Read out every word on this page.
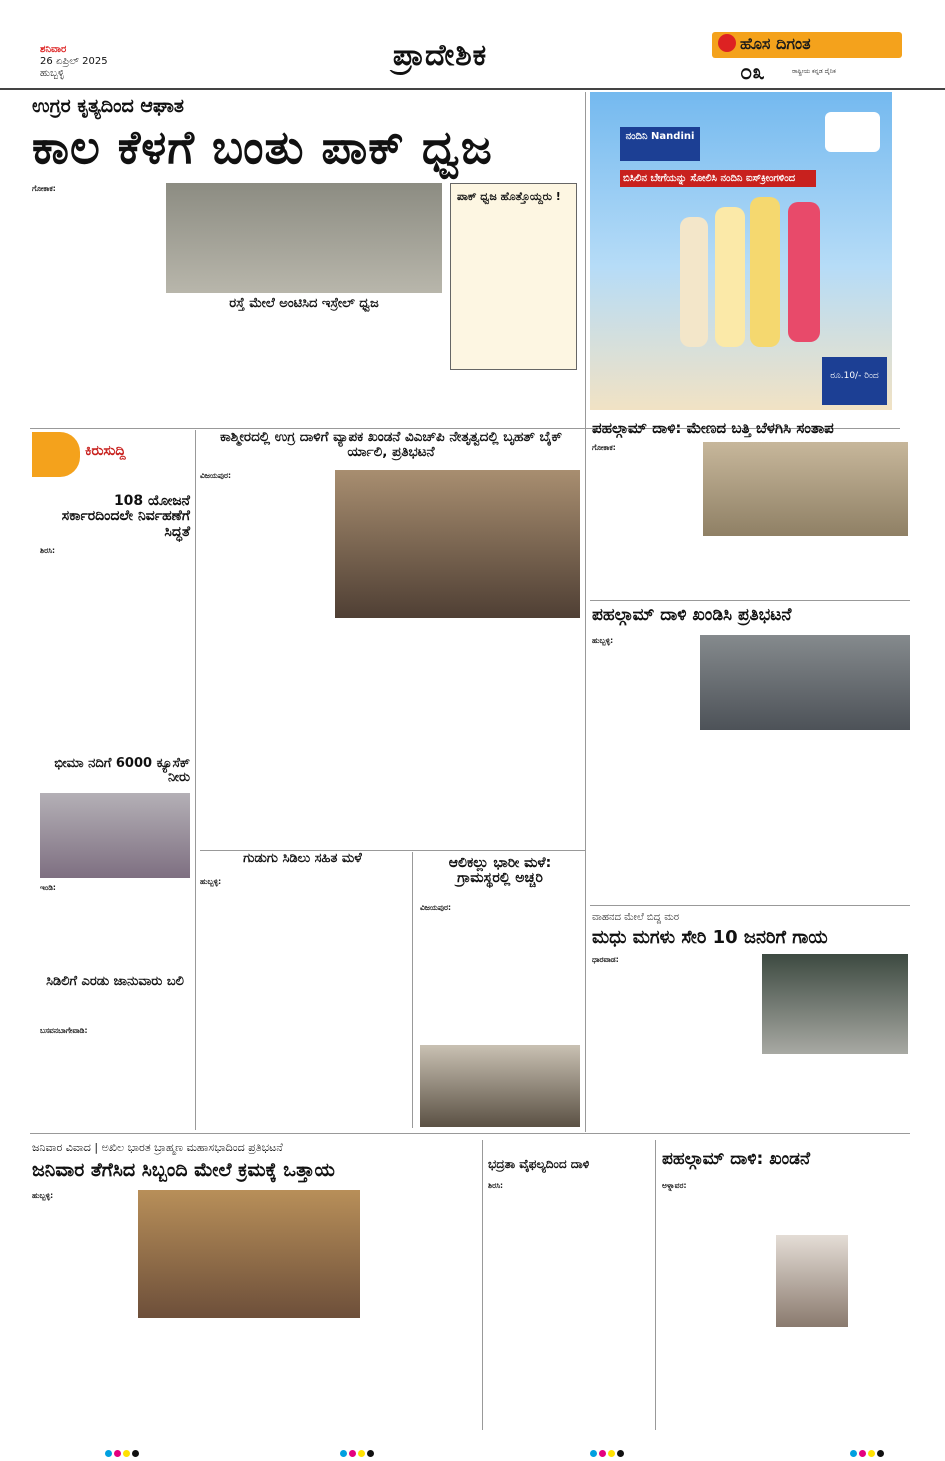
ಶನಿವಾರ
26 ಏಪ್ರಿಲ್ 2025
ಹುಬ್ಬಳ್ಳಿ
ಪ್ರಾದೇಶಿಕ	ಹೊಸ ದಿಗಂತ
೦೩	ರಾಷ್ಟ್ರೀಯ ಕನ್ನಡ ದೈನಿಕ
ಉಗ್ರರ ಕೃತ್ಯದಿಂದ ಆಘಾತ
ಕಾಲ ಕೆಳಗೆ ಬಂತು ಪಾಕ್ ಧ್ವಜ
ಗೋಕಾಕ:
ರಸ್ತೆ ಮೇಲೆ ಅಂಟಿಸಿದ ಇಸ್ರೇಲ್ ಧ್ವಜ
ಪಾಕ್ ಧ್ವಜ ಹೊತ್ತೊಯ್ದರು !
ನಂದಿನಿ Nandini
ಬಿಸಿಲಿನ ಬೇಗೆಯನ್ನು ಸೋಲಿಸಿ ನಂದಿನಿ ಐಸ್‌ಕ್ರೀಂಗಳಿಂದ
ರೂ.10/- ರಿಂದ
ಪಹಲ್ಗಾಮ್ ದಾಳಿ: ಮೇಣದ ಬತ್ತಿ ಬೆಳಗಿಸಿ ಸಂತಾಪ
ಗೋಕಾಕ:
ಪಹಲ್ಗಾಮ್ ದಾಳಿ ಖಂಡಿಸಿ ಪ್ರತಿಭಟನೆ
ಹುಬ್ಬಳ್ಳಿ:
ಕಿರುಸುದ್ದಿ
108 ಯೋಜನೆ ಸರ್ಕಾರದಿಂದಲೇ ನಿರ್ವಹಣೆಗೆ ಸಿದ್ಧತೆ
ಶಿರಸಿ:
ಭೀಮಾ ನದಿಗೆ 6000 ಕ್ಯೂಸೆಕ್ ನೀರು
ಇಂಡಿ:
ಸಿಡಿಲಿಗೆ ಎರಡು ಜಾನುವಾರು ಬಲಿ
ಬಸವನಬಾಗೇವಾಡಿ:
ಕಾಶ್ಮೀರದಲ್ಲಿ ಉಗ್ರ ದಾಳಿಗೆ ವ್ಯಾಪಕ ಖಂಡನೆ ವಿಎಚ್‌ಪಿ ನೇತೃತ್ವದಲ್ಲಿ ಬೃಹತ್ ಬೈಕ್ ರ್ಯಾಲಿ, ಪ್ರತಿಭಟನೆ
ವಿಜಯಪುರ:
ಗುಡುಗು ಸಿಡಿಲು ಸಹಿತ ಮಳೆ
ಹುಬ್ಬಳ್ಳಿ:
ಆಲಿಕಲ್ಲು ಭಾರೀ ಮಳೆ: ಗ್ರಾಮಸ್ಥರಲ್ಲಿ ಅಚ್ಚರಿ
ವಿಜಯಪುರ:
ವಾಹನದ ಮೇಲೆ ಬಿದ್ದ ಮರ
ಮಧು ಮಗಳು ಸೇರಿ 10 ಜನರಿಗೆ ಗಾಯ
ಧಾರವಾಡ:
ಜನಿವಾರ ವಿವಾದ | ಅಖಿಲ ಭಾರತ ಬ್ರಾಹ್ಮಣ ಮಹಾಸಭಾದಿಂದ ಪ್ರತಿಭಟನೆ
ಜನಿವಾರ ತೆಗೆಸಿದ ಸಿಬ್ಬಂದಿ ಮೇಲೆ ಕ್ರಮಕ್ಕೆ ಒತ್ತಾಯ
ಹುಬ್ಬಳ್ಳಿ:
ಭದ್ರತಾ ವೈಫಲ್ಯದಿಂದ ದಾಳಿ
ಶಿರಸಿ:
ಪಹಲ್ಗಾಮ್ ದಾಳಿ: ಖಂಡನೆ
ಅಳ್ನಾವರ:
